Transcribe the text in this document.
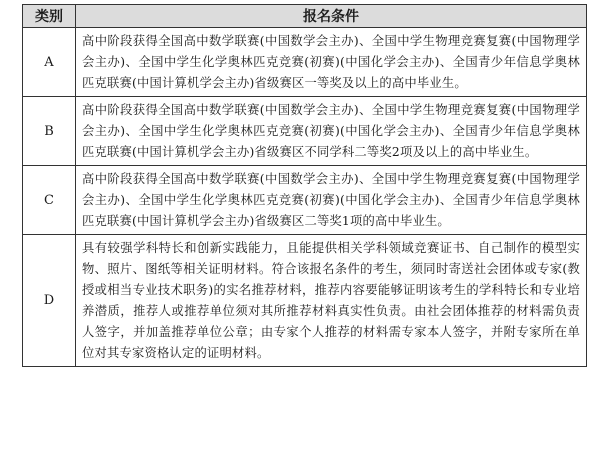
类别	报名条件
A	高中阶段获得全国高中数学联赛(中国数学会主办)、全国中学生物理竞赛复赛(中国物理学会主办)、全国中学生化学奥林匹克竞赛(初赛)(中国化学会主办)、全国青少年信息学奥林匹克联赛(中国计算机学会主办)省级赛区一等奖及以上的高中毕业生。
B	高中阶段获得全国高中数学联赛(中国数学会主办)、全国中学生物理竞赛复赛(中国物理学会主办)、全国中学生化学奥林匹克竞赛(初赛)(中国化学会主办)、全国青少年信息学奥林匹克联赛(中国计算机学会主办)省级赛区不同学科二等奖2项及以上的高中毕业生。
C	高中阶段获得全国高中数学联赛(中国数学会主办)、全国中学生物理竞赛复赛(中国物理学会主办)、全国中学生化学奥林匹克竞赛(初赛)(中国化学会主办)、全国青少年信息学奥林匹克联赛(中国计算机学会主办)省级赛区二等奖1项的高中毕业生。
D	具有较强学科特长和创新实践能力，且能提供相关学科领域竞赛证书、自己制作的模型实物、照片、图纸等相关证明材料。符合该报名条件的考生，须同时寄送社会团体或专家(教授或相当专业技术职务)的实名推荐材料，推荐内容要能够证明该考生的学科特长和专业培养潜质，推荐人或推荐单位须对其所推荐材料真实性负责。由社会团体推荐的材料需负责人签字，并加盖推荐单位公章；由专家个人推荐的材料需专家本人签字，并附专家所在单位对其专家资格认定的证明材料。
